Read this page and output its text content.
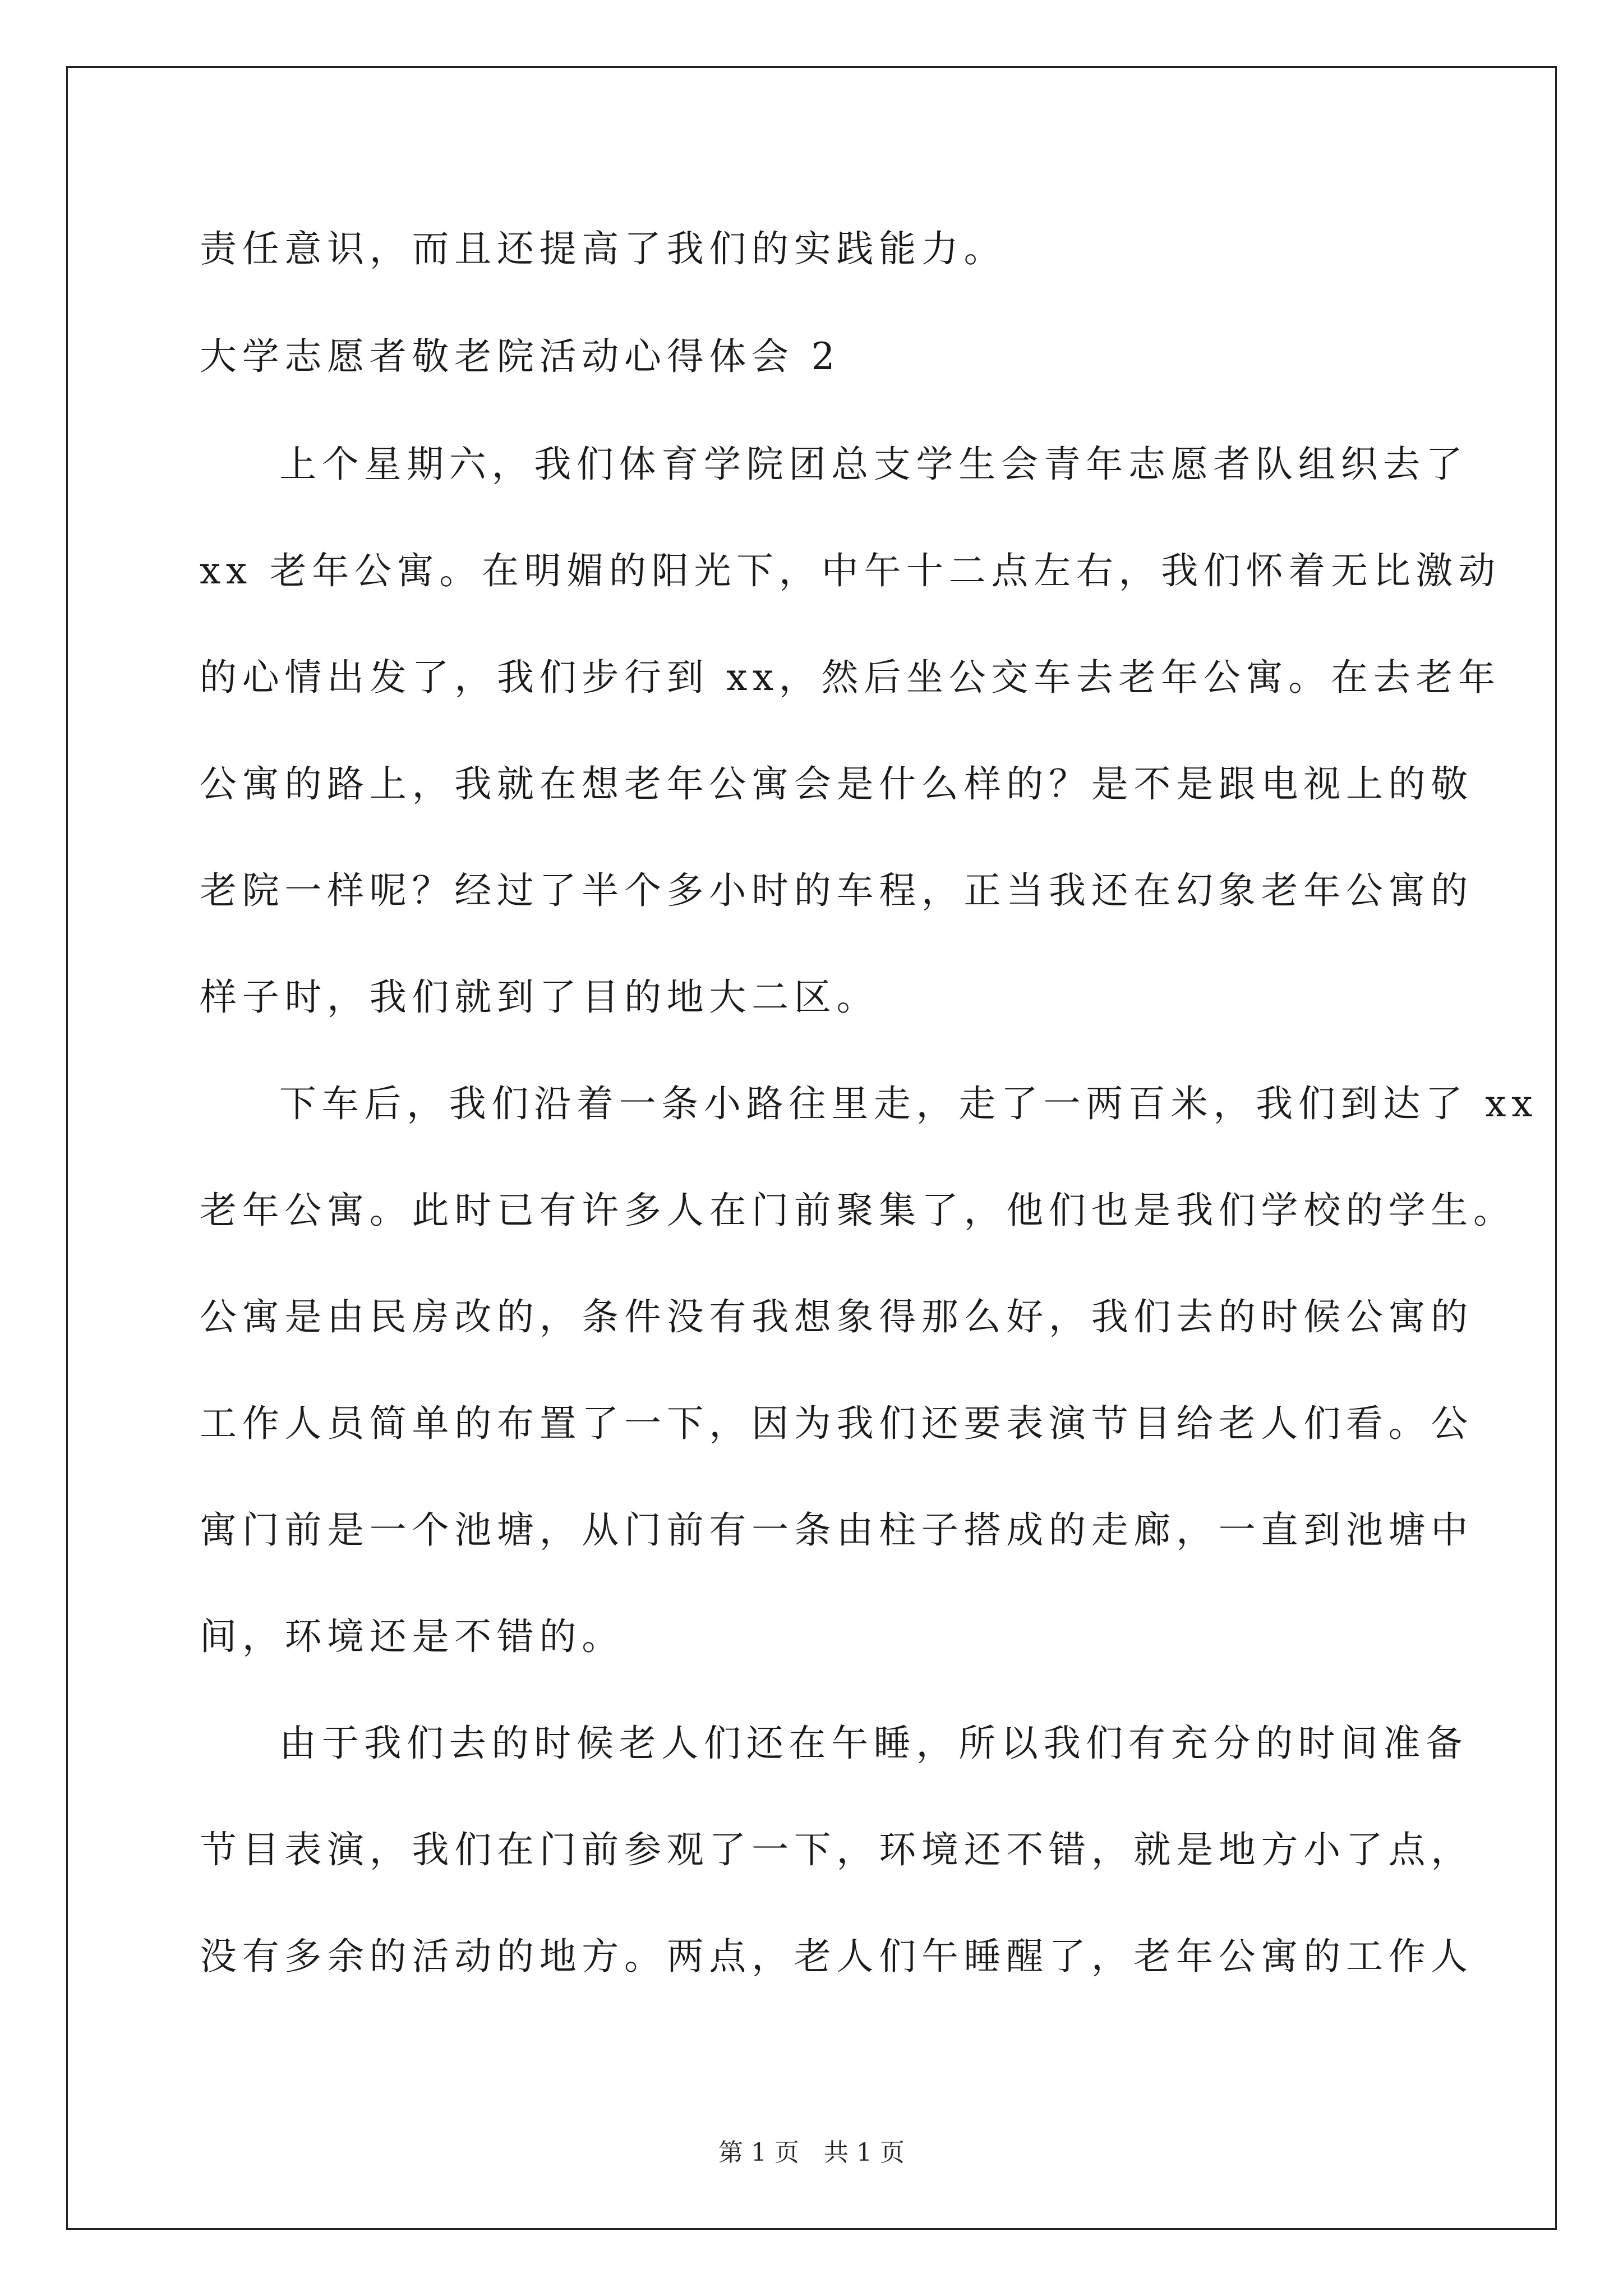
责任意识，而且还提高了我们的实践能力。
大学志愿者敬老院活动心得体会 2
上个星期六，我们体育学院团总支学生会青年志愿者队组织去了
xx 老年公寓。在明媚的阳光下，中午十二点左右，我们怀着无比激动
的心情出发了，我们步行到 xx，然后坐公交车去老年公寓。在去老年
公寓的路上，我就在想老年公寓会是什么样的？是不是跟电视上的敬
老院一样呢？经过了半个多小时的车程，正当我还在幻象老年公寓的
样子时，我们就到了目的地大二区。
下车后，我们沿着一条小路往里走，走了一两百米，我们到达了 xx
老年公寓。此时已有许多人在门前聚集了，他们也是我们学校的学生。
公寓是由民房改的，条件没有我想象得那么好，我们去的时候公寓的
工作人员简单的布置了一下，因为我们还要表演节目给老人们看。公
寓门前是一个池塘，从门前有一条由柱子搭成的走廊，一直到池塘中
间，环境还是不错的。
由于我们去的时候老人们还在午睡，所以我们有充分的时间准备
节目表演，我们在门前参观了一下，环境还不错，就是地方小了点，
没有多余的活动的地方。两点，老人们午睡醒了，老年公寓的工作人
第 1 页　共 1 页
